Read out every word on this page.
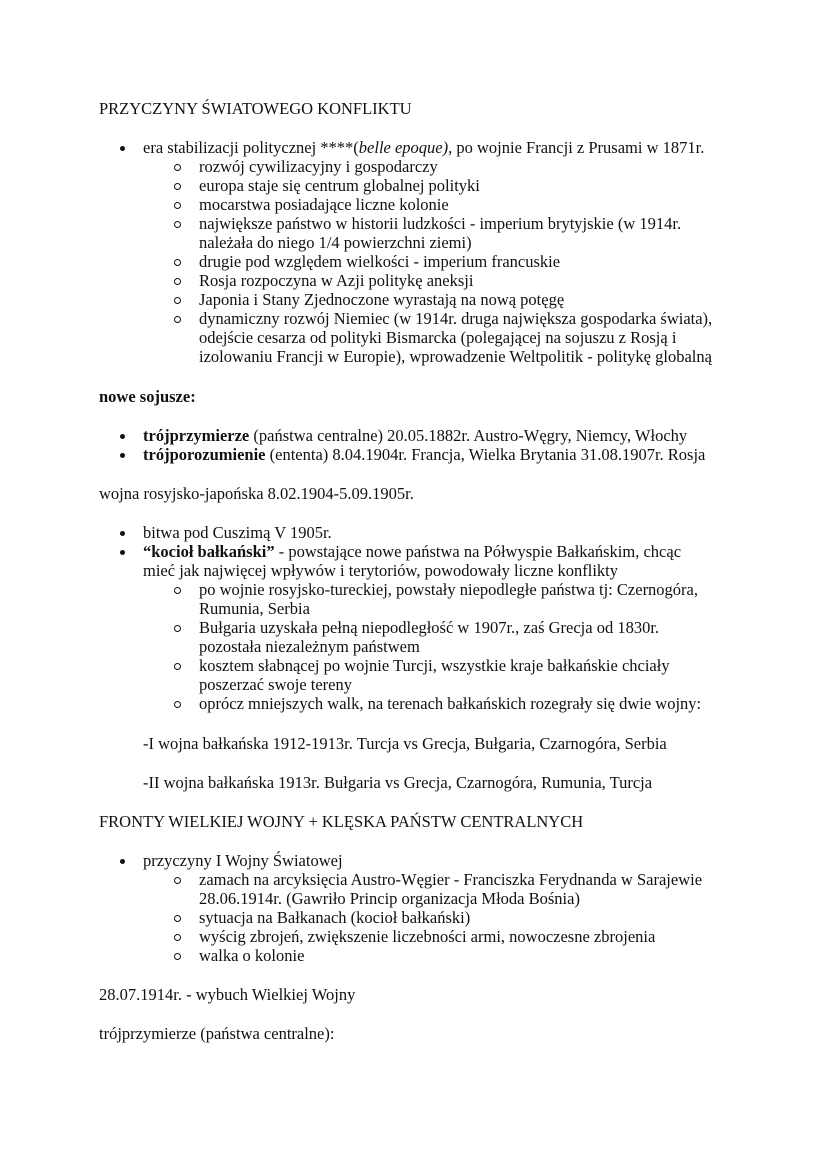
PRZYCZYNY ŚWIATOWEGO KONFLIKTU
era stabilizacji politycznej ****(belle epoque), po wojnie Francji z Prusami w 1871r.
rozwój cywilizacyjny i gospodarczy
europa staje się centrum globalnej polityki
mocarstwa posiadające liczne kolonie
największe państwo w historii ludzkości - imperium brytyjskie (w 1914r.
należała do niego 1/4 powierzchni ziemi)
drugie pod względem wielkości - imperium francuskie
Rosja rozpoczyna w Azji politykę aneksji
Japonia i Stany Zjednoczone wyrastają na nową potęgę
dynamiczny rozwój Niemiec (w 1914r. druga największa gospodarka świata),
odejście cesarza od polityki Bismarcka (polegającej na sojuszu z Rosją i
izolowaniu Francji w Europie), wprowadzenie Weltpolitik - politykę globalną
nowe sojusze:
trójprzymierze (państwa centralne) 20.05.1882r. Austro-Węgry, Niemcy, Włochy
trójporozumienie (ententa) 8.04.1904r. Francja, Wielka Brytania 31.08.1907r. Rosja
wojna rosyjsko-japońska 8.02.1904-5.09.1905r.
bitwa pod Cuszimą V 1905r.
“kocioł bałkański” - powstające nowe państwa na Półwyspie Bałkańskim, chcąc
mieć jak najwięcej wpływów i terytoriów, powodowały liczne konflikty
po wojnie rosyjsko-tureckiej, powstały niepodległe państwa tj: Czernogóra,
Rumunia, Serbia
Bułgaria uzyskała pełną niepodległość w 1907r., zaś Grecja od 1830r.
pozostała niezależnym państwem
kosztem słabnącej po wojnie Turcji, wszystkie kraje bałkańskie chciały
poszerzać swoje tereny
oprócz mniejszych walk, na terenach bałkańskich rozegrały się dwie wojny:
-I wojna bałkańska 1912-1913r. Turcja vs Grecja, Bułgaria, Czarnogóra, Serbia
-II wojna bałkańska 1913r. Bułgaria vs Grecja, Czarnogóra, Rumunia, Turcja
FRONTY WIELKIEJ WOJNY + KLĘSKA PAŃSTW CENTRALNYCH
przyczyny I Wojny Światowej
zamach na arcyksięcia Austro-Węgier - Franciszka Ferydnanda w Sarajewie
28.06.1914r. (Gawriło Princip organizacja Młoda Bośnia)
sytuacja na Bałkanach (kocioł bałkański)
wyścig zbrojeń, zwiększenie liczebności armi, nowoczesne zbrojenia
walka o kolonie
28.07.1914r. - wybuch Wielkiej Wojny
trójprzymierze (państwa centralne):
